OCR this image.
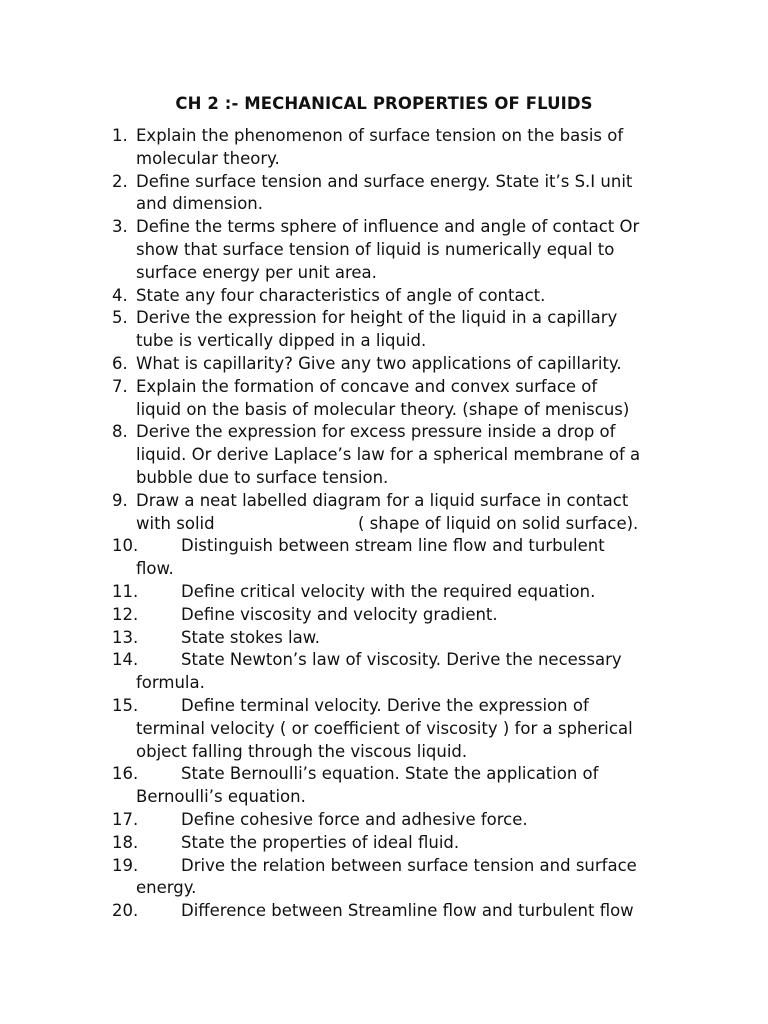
CH 2 :- MECHANICAL PROPERTIES OF FLUIDS
1. Explain the phenomenon of surface tension on the basis of
molecular theory.
2. Define surface tension and surface energy. State it’s S.I unit
and dimension.
3. Define the terms sphere of influence and angle of contact Or
show that surface tension of liquid is numerically equal to
surface energy per unit area.
4. State any four characteristics of angle of contact.
5. Derive the expression for height of the liquid in a capillary
tube is vertically dipped in a liquid.
6. What is capillarity? Give any two applications of capillarity.
7. Explain the formation of concave and convex surface of
liquid on the basis of molecular theory. (shape of meniscus)
8. Derive the expression for excess pressure inside a drop of
liquid. Or derive Laplace’s law for a spherical membrane of a
bubble due to surface tension.
9. Draw a neat labelled diagram for a liquid surface in contact
with solid	( shape of liquid on solid surface).
10.	Distinguish between stream line flow and turbulent
flow.
11.	Define critical velocity with the required equation.
12.	Define viscosity and velocity gradient.
13.	State stokes law.
14.	State Newton’s law of viscosity. Derive the necessary
formula.
15.	Define terminal velocity. Derive the expression of
terminal velocity ( or coefficient of viscosity ) for a spherical
object falling through the viscous liquid.
16.	State Bernoulli’s equation. State the application of
Bernoulli’s equation.
17.	Define cohesive force and adhesive force.
18.	State the properties of ideal fluid.
19.	Drive the relation between surface tension and surface
energy.
20.	Difference between Streamline flow and turbulent flow
